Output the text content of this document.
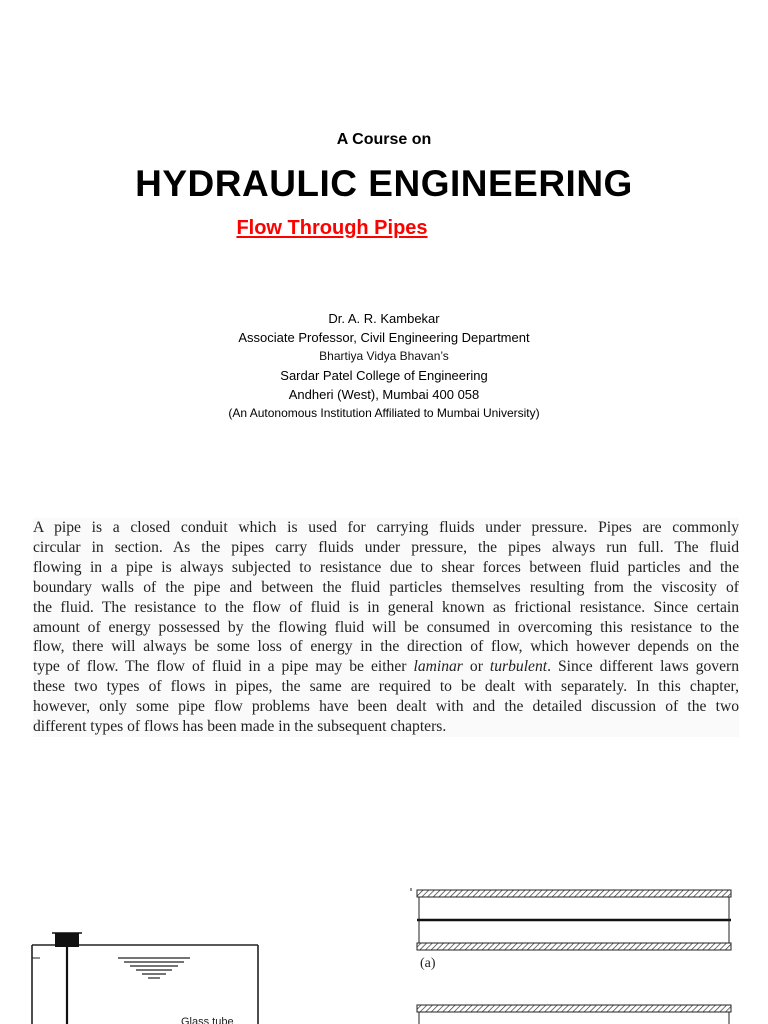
A Course on
HYDRAULIC ENGINEERING
Flow Through Pipes
Dr. A. R. Kambekar
Associate Professor, Civil Engineering Department
Bhartiya Vidya Bhavan’s
Sardar Patel College of Engineering
Andheri (West), Mumbai 400 058
(An Autonomous Institution Affiliated to Mumbai University)
A pipe is a closed conduit which is used for carrying fluids under pressure. Pipes are commonly
circular in section. As the pipes carry fluids under pressure, the pipes always run full. The fluid
flowing in a pipe is always subjected to resistance due to shear forces between fluid particles and the
boundary walls of the pipe and between the fluid particles themselves resulting from the viscosity of
the fluid. The resistance to the flow of fluid is in general known as frictional resistance. Since certain
amount of energy possessed by the flowing fluid will be consumed in overcoming this resistance to the
flow, there will always be some loss of energy in the direction of flow, which however depends on the
type of flow. The flow of fluid in a pipe may be either laminar or turbulent. Since different laws govern
these two types of flows in pipes, the same are required to be dealt with separately. In this chapter,
however, only some pipe flow problems have been dealt with and the detailed discussion of the two
different types of flows has been made in the subsequent chapters.
Glass tube
(a)
